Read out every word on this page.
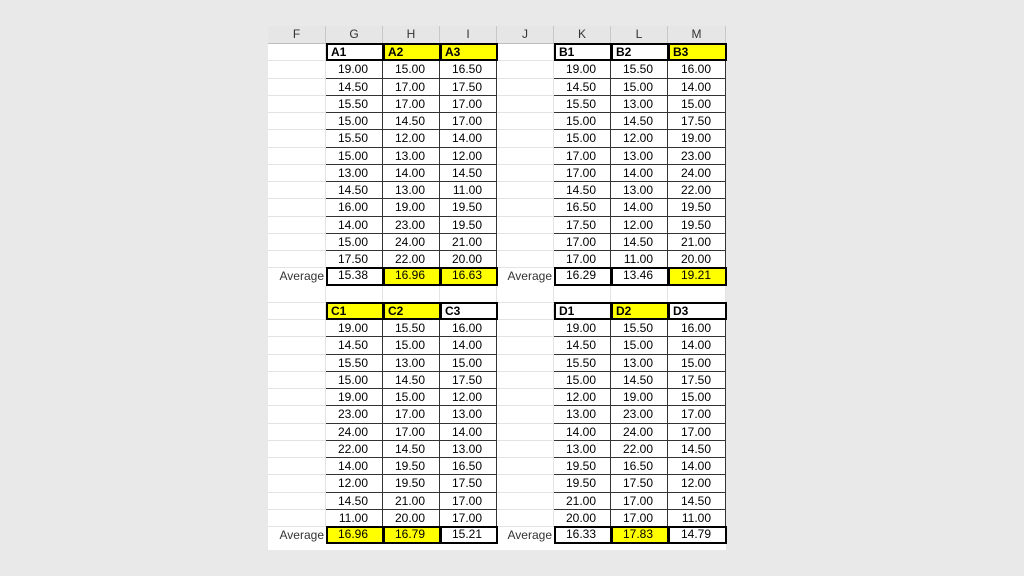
F	G	H	I	J	K	L	M
A1	A2	A3
19.00	15.00	16.50
14.50	17.00	17.50
15.50	17.00	17.00
15.00	14.50	17.00
15.50	12.00	14.00
15.00	13.00	12.00
13.00	14.00	14.50
14.50	13.00	11.00
16.00	19.00	19.50
14.00	23.00	19.50
15.00	24.00	21.00
17.50	22.00	20.00
Average	15.38	16.96	16.63
B1	B2	B3
19.00	15.50	16.00
14.50	15.00	14.00
15.50	13.00	15.00
15.00	14.50	17.50
15.00	12.00	19.00
17.00	13.00	23.00
17.00	14.00	24.00
14.50	13.00	22.00
16.50	14.00	19.50
17.50	12.00	19.50
17.00	14.50	21.00
17.00	11.00	20.00
Average	16.29	13.46	19.21
C1	C2	C3
19.00	15.50	16.00
14.50	15.00	14.00
15.50	13.00	15.00
15.00	14.50	17.50
19.00	15.00	12.00
23.00	17.00	13.00
24.00	17.00	14.00
22.00	14.50	13.00
14.00	19.50	16.50
12.00	19.50	17.50
14.50	21.00	17.00
11.00	20.00	17.00
Average	16.96	16.79	15.21
D1	D2	D3
19.00	15.50	16.00
14.50	15.00	14.00
15.50	13.00	15.00
15.00	14.50	17.50
12.00	19.00	15.00
13.00	23.00	17.00
14.00	24.00	17.00
13.00	22.00	14.50
19.50	16.50	14.00
19.50	17.50	12.00
21.00	17.00	14.50
20.00	17.00	11.00
Average	16.33	17.83	14.79
